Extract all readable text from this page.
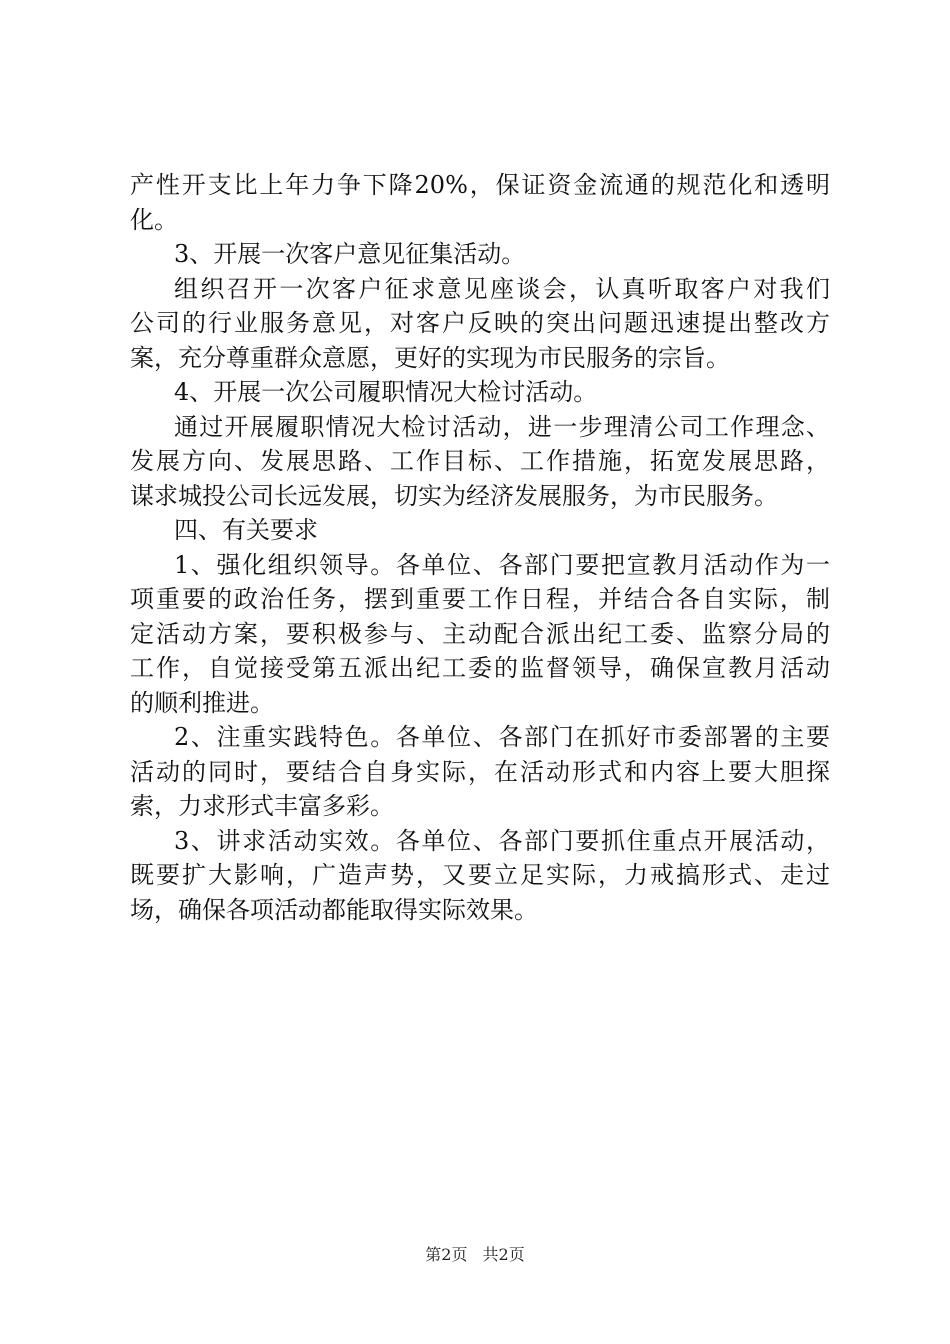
产性开支比上年力争下降20%，保证资金流通的规范化和透明
化。
3、开展一次客户意见征集活动。
组织召开一次客户征求意见座谈会，认真听取客户对我们
公司的行业服务意见，对客户反映的突出问题迅速提出整改方
案，充分尊重群众意愿，更好的实现为市民服务的宗旨。
4、开展一次公司履职情况大检讨活动。
通过开展履职情况大检讨活动，进一步理清公司工作理念、
发展方向、发展思路、工作目标、工作措施，拓宽发展思路，
谋求城投公司长远发展，切实为经济发展服务，为市民服务。
四、有关要求
1、强化组织领导。各单位、各部门要把宣教月活动作为一
项重要的政治任务，摆到重要工作日程，并结合各自实际，制
定活动方案，要积极参与、主动配合派出纪工委、监察分局的
工作，自觉接受第五派出纪工委的监督领导，确保宣教月活动
的顺利推进。
2、注重实践特色。各单位、各部门在抓好市委部署的主要
活动的同时，要结合自身实际，在活动形式和内容上要大胆探
索，力求形式丰富多彩。
3、讲求活动实效。各单位、各部门要抓住重点开展活动，
既要扩大影响，广造声势，又要立足实际，力戒搞形式、走过
场，确保各项活动都能取得实际效果。
第2页 共2页
